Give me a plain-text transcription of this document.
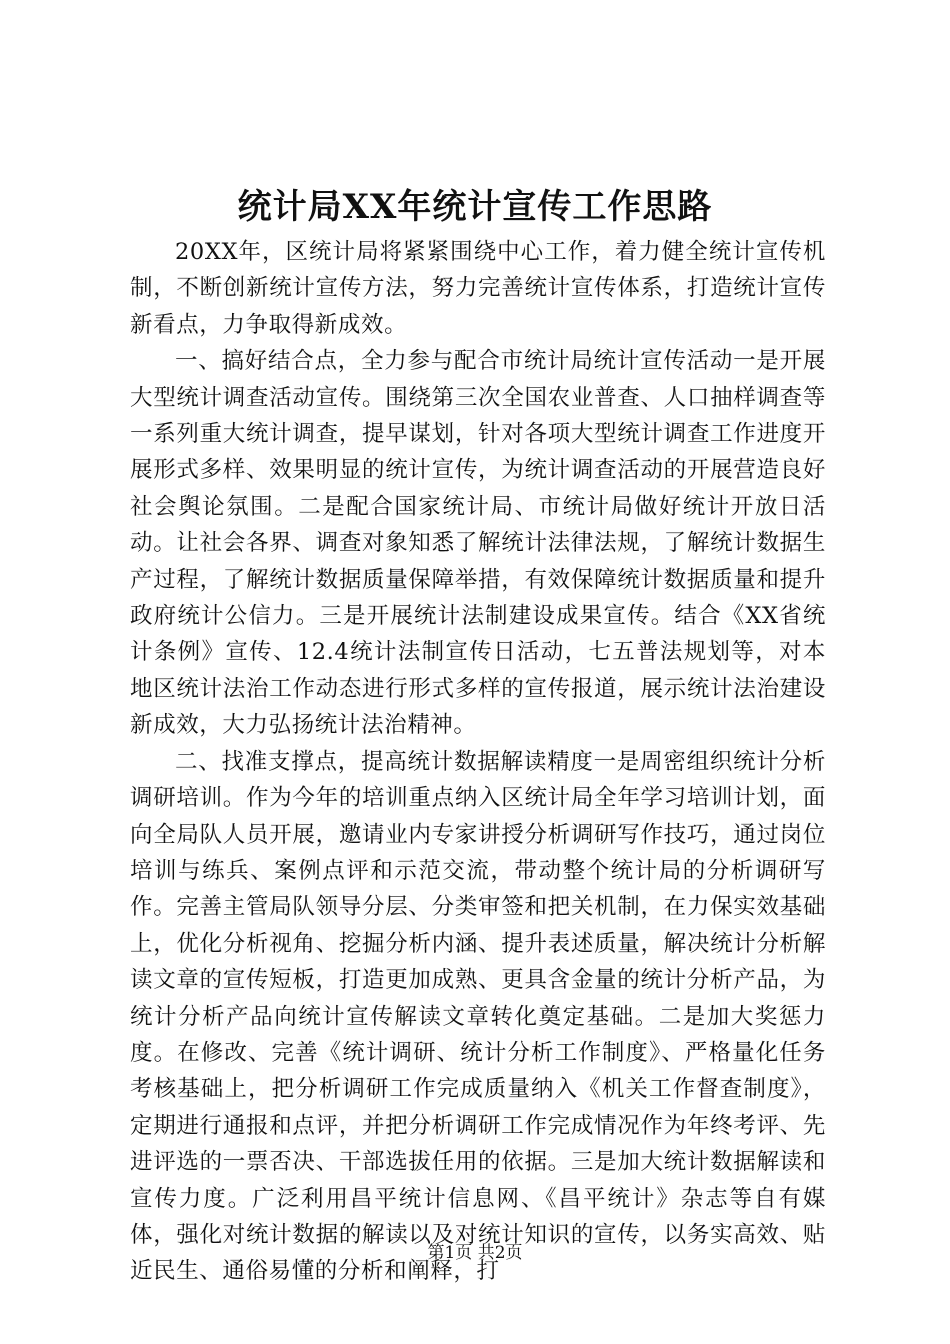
统计局XX年统计宣传工作思路

20XX年，区统计局将紧紧围绕中心工作，着力健全统计宣传机制，不断创新统计宣传方法，努力完善统计宣传体系，打造统计宣传新看点，力争取得新成效。

一、搞好结合点，全力参与配合市统计局统计宣传活动一是开展大型统计调查活动宣传。围绕第三次全国农业普查、人口抽样调查等一系列重大统计调查，提早谋划，针对各项大型统计调查工作进度开展形式多样、效果明显的统计宣传，为统计调查活动的开展营造良好社会舆论氛围。二是配合国家统计局、市统计局做好统计开放日活动。让社会各界、调查对象知悉了解统计法律法规，了解统计数据生产过程，了解统计数据质量保障举措，有效保障统计数据质量和提升政府统计公信力。三是开展统计法制建设成果宣传。结合《XX省统计条例》宣传、12.4统计法制宣传日活动，七五普法规划等，对本地区统计法治工作动态进行形式多样的宣传报道，展示统计法治建设新成效，大力弘扬统计法治精神。

二、找准支撑点，提高统计数据解读精度一是周密组织统计分析调研培训。作为今年的培训重点纳入区统计局全年学习培训计划，面向全局队人员开展，邀请业内专家讲授分析调研写作技巧，通过岗位培训与练兵、案例点评和示范交流，带动整个统计局的分析调研写作。完善主管局队领导分层、分类审签和把关机制，在力保实效基础上，优化分析视角、挖掘分析内涵、提升表述质量，解决统计分析解读文章的宣传短板，打造更加成熟、更具含金量的统计分析产品，为统计分析产品向统计宣传解读文章转化奠定基础。二是加大奖惩力度。在修改、完善《统计调研、统计分析工作制度》、严格量化任务考核基础上，把分析调研工作完成质量纳入《机关工作督查制度》，定期进行通报和点评，并把分析调研工作完成情况作为年终考评、先进评选的一票否决、干部选拔任用的依据。三是加大统计数据解读和宣传力度。广泛利用昌平统计信息网、《昌平统计》杂志等自有媒体，强化对统计数据的解读以及对统计知识的宣传，以务实高效、贴近民生、通俗易懂的分析和阐释，打

第1页 共2页
